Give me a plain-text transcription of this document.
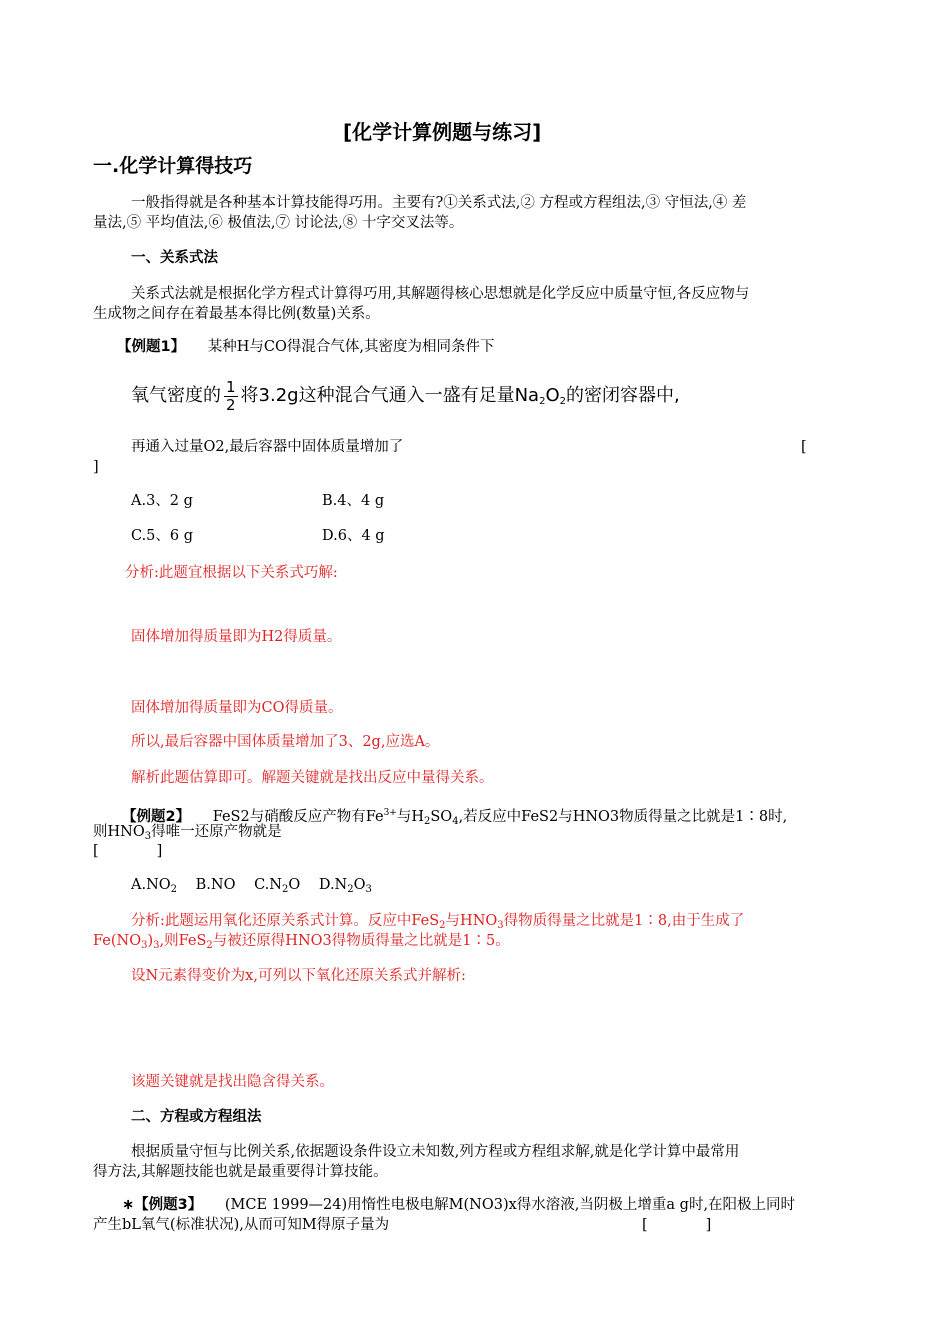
[化学计算例题与练习]
一.化学计算得技巧
一般指得就是各种基本计算技能得巧用。主要有?①关系式法,② 方程或方程组法,③ 守恒法,④ 差
量法,⑤ 平均值法,⑥ 极值法,⑦ 讨论法,⑧ 十字交叉法等。
一、关系式法
关系式法就是根据化学方程式计算得巧用,其解题得核心思想就是化学反应中质量守恒,各反应物与
生成物之间存在着最基本得比例(数量)关系。
【例题1】 某种H与CO得混合气体,其密度为相同条件下
氧气密度的 $\frac{1}{2}$ 将3.2g这种混合气通入一盛有足量$Na_2O_2$的密闭容器中,
再通入过量O2,最后容器中固体质量增加了	[
]
A.3、2 g	B.4、4 g
C.5、6 g	D.6、4 g
分析:此题宜根据以下关系式巧解:
固体增加得质量即为H2得质量。
固体增加得质量即为CO得质量。
所以,最后容器中国体质量增加了3、2g,应选A。
解析此题估算即可。解题关键就是找出反应中量得关系。
【例题2】 FeS2与硝酸反应产物有$Fe^{3+}$与$H_2SO_4$,若反应中FeS2与HNO3物质得量之比就是1∶8时,
则$HNO_3$得唯一还原产物就是
[　　　　]
$A.NO_2$ B.NO $C.N_2O$ $D.N_2O_3$
分析:此题运用氧化还原关系式计算。反应中FeS$_2$与$HNO_3$得物质得量之比就是1∶8,由于生成了
$Fe(NO_3)_3$,则FeS$_2$与被还原得HNO3得物质得量之比就是1∶5。
设N元素得变价为x,可列以下氧化还原关系式并解析:
该题关键就是找出隐含得关系。
二、方程或方程组法
根据质量守恒与比例关系,依据题设条件设立未知数,列方程或方程组求解,就是化学计算中最常用
得方法,其解题技能也就是最重要得计算技能。
∗【例题3】 (MCE 1999—24)用惰性电极电解M(NO3)x得水溶液,当阴极上增重a g时,在阳极上同时
产生bL氧气(标准状况),从而可知M得原子量为	[　　　　]
